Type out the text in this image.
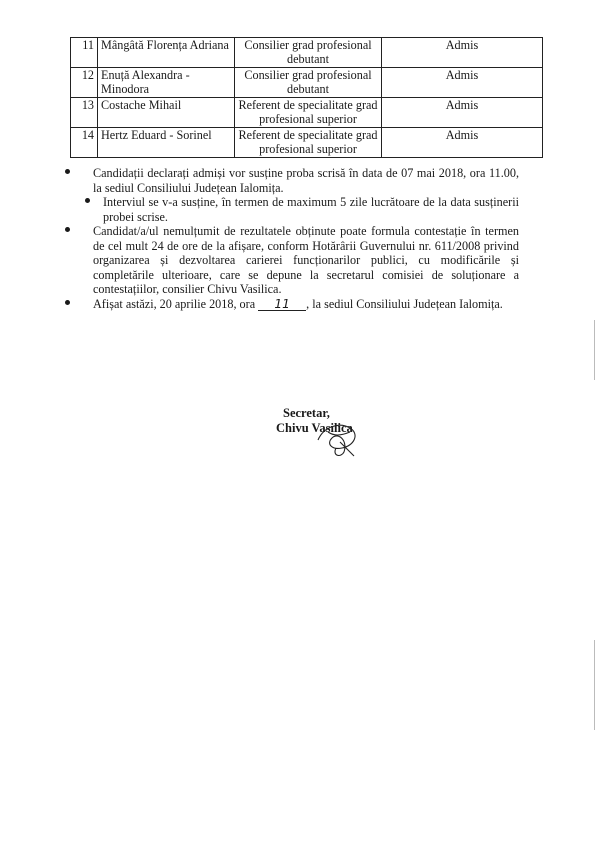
11	Mângâtă Florența Adriana	Consilier grad profesional debutant	Admis
12	Enuță Alexandra - Minodora	Consilier grad profesional debutant	Admis
13	Costache Mihail	Referent de specialitate grad profesional superior	Admis
14	Hertz Eduard - Sorinel	Referent de specialitate grad profesional superior	Admis
Candidații declarați admiși vor susține proba scrisă în data de 07 mai 2018, ora 11.00, la sediul Consiliului Județean Ialomița.
Interviul se v-a susține, în termen de maximum 5 zile lucrătoare de la data susținerii probei scrise.
Candidat/a/ul nemulțumit de rezultatele obținute poate formula contestație în termen de cel mult 24 de ore de la afișare, conform Hotărârii Guvernului nr. 611/2008 privind organizarea și dezvoltarea carierei funcționarilor publici, cu modificările și completările ulterioare, care se depune la secretarul comisiei de soluționare a contestațiilor, consilier Chivu Vasilica.
Afișat astăzi, 20 aprilie 2018, ora 11 , la sediul Consiliului Județean Ialomița.
Secretar,
Chivu Vasilica
